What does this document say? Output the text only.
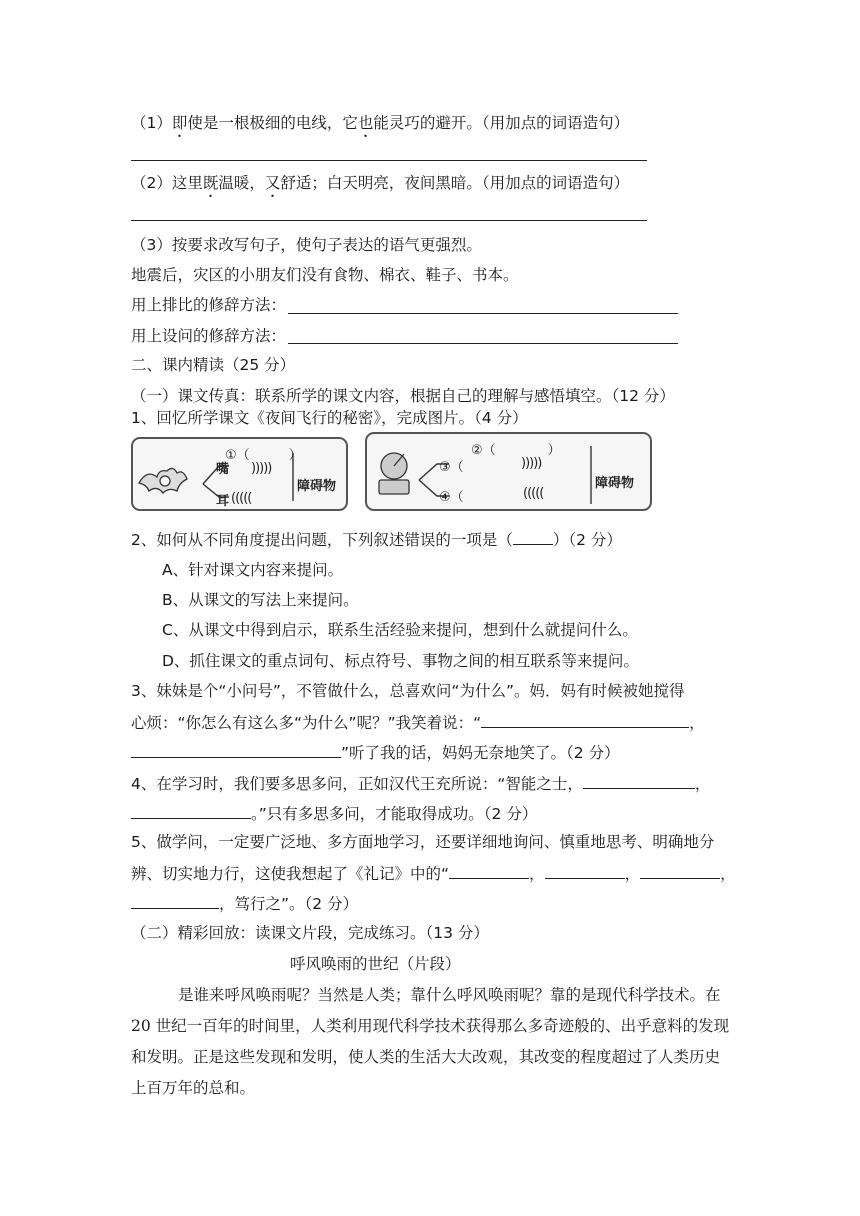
（1）即使是一根极细的电线，它也能灵巧的避开。（用加点的词语造句）
（2）这里既温暖，又舒适；白天明亮，夜间黑暗。（用加点的词语造句）
（3）按要求改写句子，使句子表达的语气更强烈。
地震后，灾区的小朋友们没有食物、棉衣、鞋子、书本。
用上排比的修辞方法：
用上设问的修辞方法：
二、课内精读（25 分）
（一）课文传真：联系所学的课文内容，根据自己的理解与感悟填空。（12 分）
1、回忆所学课文《夜间飞行的秘密》，完成图片。（4 分）
①（   	）
嘴 )))))
耳 (((((
障碍物
②（    	）
③（	)))))
④（	(((((
障碍物
2、如何从不同角度提出问题，下列叙述错误的一项是（	）（2 分）
A、针对课文内容来提问。
B、从课文的写法上来提问。
C、从课文中得到启示，联系生活经验来提问，想到什么就提问什么。
D、抓住课文的重点词句、标点符号、事物之间的相互联系等来提问。
3、妹妹是个“小问号”，不管做什么，总喜欢问“为什么”。妈．妈有时候被她搅得
心烦：“你怎么有这么多“为什么”呢？”我笑着说：“	，
”听了我的话，妈妈无奈地笑了。（2 分）
4、在学习时，我们要多思多问，正如汉代王充所说：“智能之士，	，
。”只有多思多问，才能取得成功。（2 分）
5、做学问，一定要广泛地、多方面地学习，还要详细地询问、慎重地思考、明确地分
辨、切实地力行，这使我想起了《礼记》中的“	，	，	，
，笃行之”。（2 分）
（二）精彩回放：读课文片段，完成练习。（13 分）
呼风唤雨的世纪（片段）
是谁来呼风唤雨呢？当然是人类；靠什么呼风唤雨呢？靠的是现代科学技术。在
20 世纪一百年的时间里，人类利用现代科学技术获得那么多奇迹般的、出乎意料的发现
和发明。正是这些发现和发明，使人类的生活大大改观，其改变的程度超过了人类历史
上百万年的总和。
